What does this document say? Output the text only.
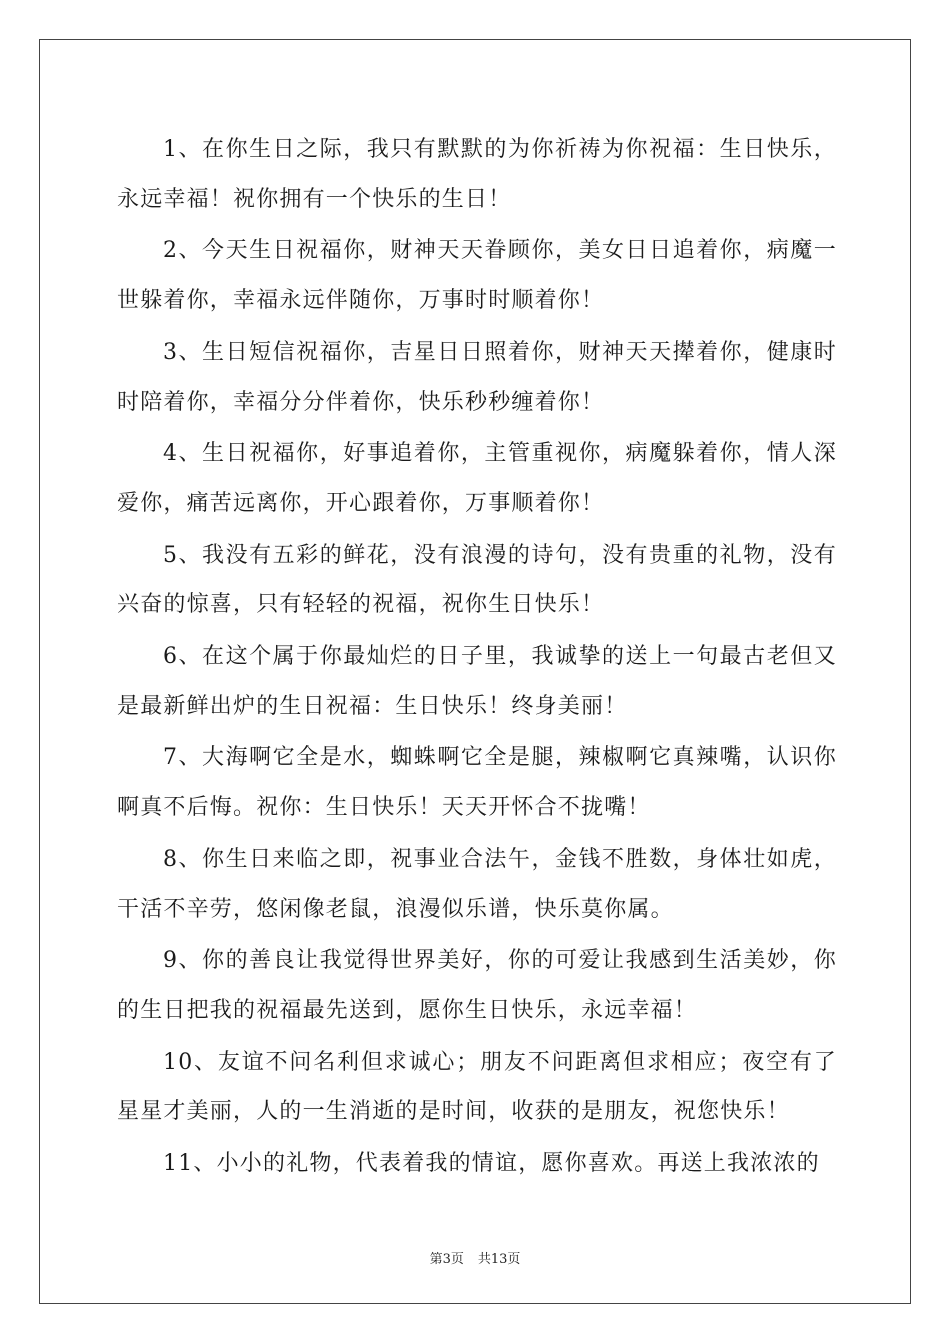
1、在你生日之际，我只有默默的为你祈祷为你祝福：生日快乐，永远幸福！祝你拥有一个快乐的生日！

2、今天生日祝福你，财神天天眷顾你，美女日日追着你，病魔一世躲着你，幸福永远伴随你，万事时时顺着你！

3、生日短信祝福你，吉星日日照着你，财神天天撵着你，健康时时陪着你，幸福分分伴着你，快乐秒秒缠着你！

4、生日祝福你，好事追着你，主管重视你，病魔躲着你，情人深爱你，痛苦远离你，开心跟着你，万事顺着你！

5、我没有五彩的鲜花，没有浪漫的诗句，没有贵重的礼物，没有兴奋的惊喜，只有轻轻的祝福，祝你生日快乐！

6、在这个属于你最灿烂的日子里，我诚挚的送上一句最古老但又是最新鲜出炉的生日祝福：生日快乐！终身美丽！

7、大海啊它全是水，蜘蛛啊它全是腿，辣椒啊它真辣嘴，认识你啊真不后悔。祝你：生日快乐！天天开怀合不拢嘴！

8、你生日来临之即，祝事业合法午，金钱不胜数，身体壮如虎，干活不辛劳，悠闲像老鼠，浪漫似乐谱，快乐莫你属。

9、你的善良让我觉得世界美好，你的可爱让我感到生活美妙，你的生日把我的祝福最先送到，愿你生日快乐，永远幸福！

10、友谊不问名利但求诚心；朋友不问距离但求相应；夜空有了星星才美丽，人的一生消逝的是时间，收获的是朋友，祝您快乐！

11、小小的礼物，代表着我的情谊，愿你喜欢。再送上我浓浓的

第3页 共13页
